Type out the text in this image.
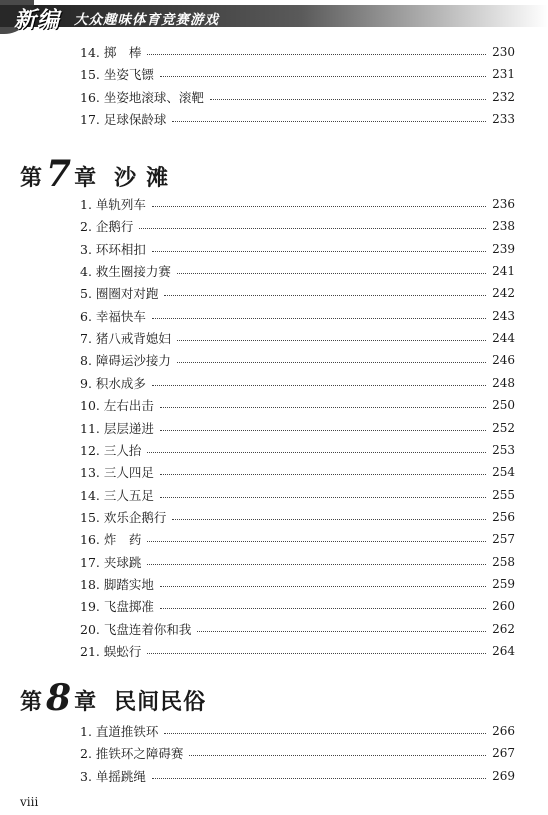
新编 大众趣味体育竞赛游戏
14. 掷　棒	230
15. 坐姿飞镖	231
16. 坐姿地滚球、滚靶	232
17. 足球保龄球	233
第 7 章 沙滩
1. 单轨列车	236
2. 企鹅行	238
3. 环环相扣	239
4. 救生圈接力赛	241
5. 圈圈对对跑	242
6. 幸福快车	243
7. 猪八戒背媳妇	244
8. 障碍运沙接力	246
9. 积水成多	248
10. 左右出击	250
11. 层层递进	252
12. 三人抬	253
13. 三人四足	254
14. 三人五足	255
15. 欢乐企鹅行	256
16. 炸　药	257
17. 夹球跳	258
18. 脚踏实地	259
19. 飞盘掷准	260
20. 飞盘连着你和我	262
21. 蜈蚣行	264
第 8 章 民间民俗
1. 直道推铁环	266
2. 推铁环之障碍赛	267
3. 单摇跳绳	269
viii
